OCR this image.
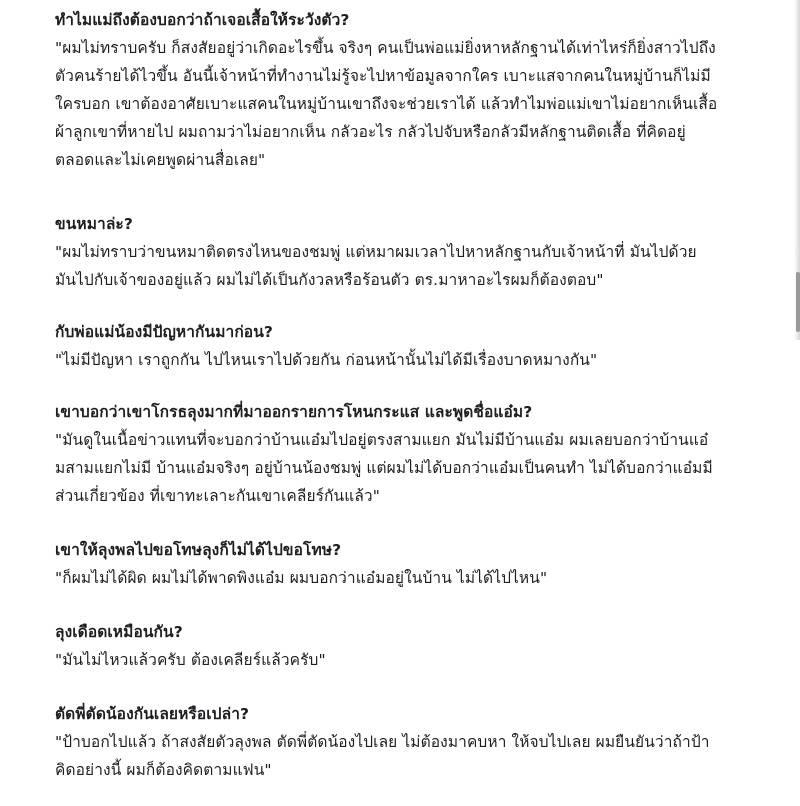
ทำไมแม่ถึงต้องบอกว่าถ้าเจอเสื้อให้ระวังตัว?

"ผมไม่ทราบครับ ก็สงสัยอยู่ว่าเกิดอะไรขึ้น จริงๆ คนเป็นพ่อแม่ยิ่งหาหลักฐานได้เท่าไหร่ก็ยิ่งสาวไปถึง
ตัวคนร้ายได้ไวขึ้น อันนี้เจ้าหน้าที่ทำงานไม่รู้จะไปหาข้อมูลจากใคร เบาะแสจากคนในหมู่บ้านก็ไม่มี
ใครบอก เขาต้องอาศัยเบาะแสคนในหมู่บ้านเขาถึงจะช่วยเราได้ แล้วทำไมพ่อแม่เขาไม่อยากเห็นเสื้อ
ผ้าลูกเขาที่หายไป ผมถามว่าไม่อยากเห็น กลัวอะไร กลัวไปจับหรือกลัวมีหลักฐานติดเสื้อ ที่คิดอยู่
ตลอดและไม่เคยพูดผ่านสื่อเลย"

ขนหมาล่ะ?

"ผมไม่ทราบว่าขนหมาติดตรงไหนของชมพู่ แต่หมาผมเวลาไปหาหลักฐานกับเจ้าหน้าที่ มันไปด้วย
มันไปกับเจ้าของอยู่แล้ว ผมไม่ได้เป็นกังวลหรือร้อนตัว ตร.มาหาอะไรผมก็ต้องตอบ"

กับพ่อแม่น้องมีปัญหากันมาก่อน?

"ไม่มีปัญหา เราถูกกัน ไปไหนเราไปด้วยกัน ก่อนหน้านั้นไม่ได้มีเรื่องบาดหมางกัน"

เขาบอกว่าเขาโกรธลุงมากที่มาออกรายการโหนกระแส และพูดชื่อแอ๋ม?

"มันดูในเนื้อข่าวแทนที่จะบอกว่าบ้านแอ๋มไปอยู่ตรงสามแยก มันไม่มีบ้านแอ๋ม ผมเลยบอกว่าบ้านแอ๋
มสามแยกไม่มี บ้านแอ๋มจริงๆ อยู่บ้านน้องชมพู่ แต่ผมไม่ได้บอกว่าแอ๋มเป็นคนทำ ไม่ได้บอกว่าแอ๋มมี
ส่วนเกี่ยวข้อง ที่เขาทะเลาะกันเขาเคลียร์กันแล้ว"

เขาให้ลุงพลไปขอโทษลุงก็ไม่ได้ไปขอโทษ?

"ก็ผมไม่ได้ผิด ผมไม่ได้พาดพิงแอ๋ม ผมบอกว่าแอ๋มอยู่ในบ้าน ไม่ได้ไปไหน"

ลุงเดือดเหมือนกัน?

"มันไม่ไหวแล้วครับ ต้องเคลียร์แล้วครับ"

ตัดพี่ตัดน้องกันเลยหรือเปล่า?

"ป้าบอกไปแล้ว ถ้าสงสัยตัวลุงพล ตัดพี่ตัดน้องไปเลย ไม่ต้องมาคบหา ให้จบไปเลย ผมยืนยันว่าถ้าป้า
คิดอย่างนี้ ผมก็ต้องคิดตามแฟน"
